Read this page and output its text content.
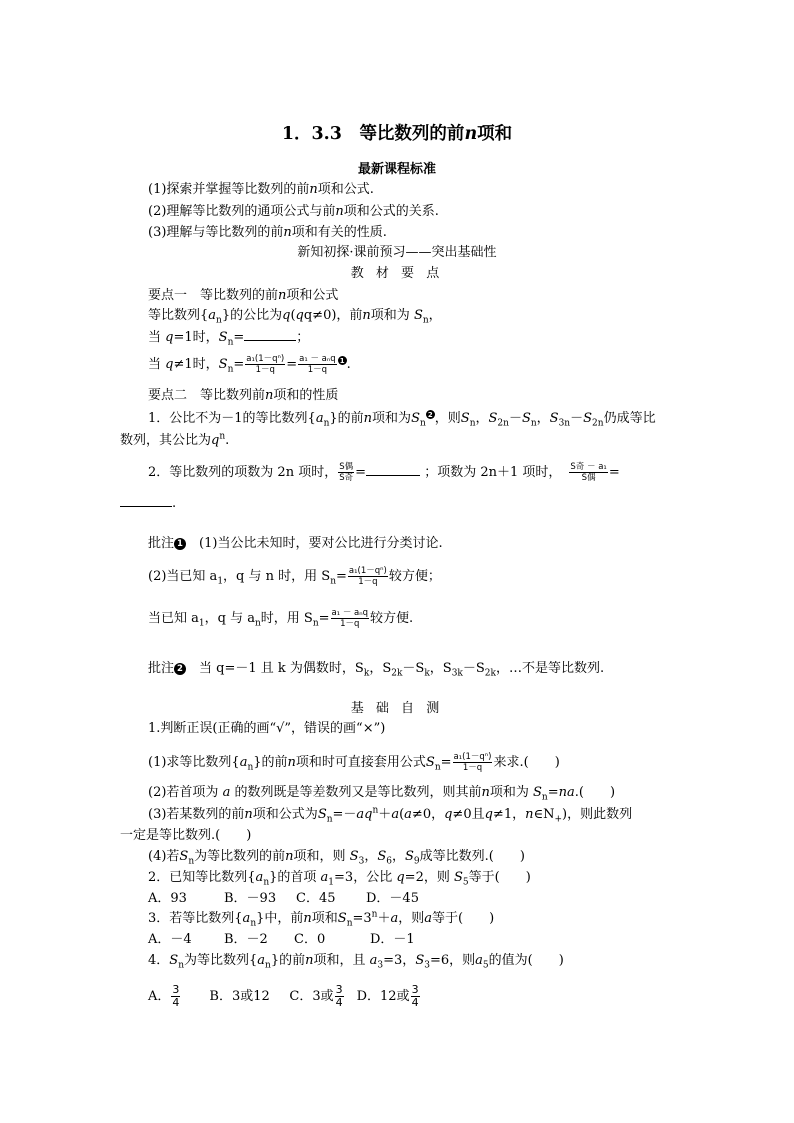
1．3.3　 等比数列的前n项和
最新课程标准
(1)探索并掌握等比数列的前n项和公式.
(2)理解等比数列的通项公式与前n项和公式的关系.
(3)理解与等比数列的前n项和有关的性质.
新知初探·课前预习——突出基础性
教 材 要 点
要点一　等比数列的前n项和公式
等比数列$\{a_n\}$的公比为q(qq≠0)，前n项和为 $S_n$，
当 q=1时，$S_n=$	；
当 q≠1时，$S_n= \frac{\text{a₁(1－qⁿ)}}{1-q} = \frac{\text{a₁ － aₙq}}{1-q} 1$ .
要点二　等比数列前n项和的性质
1．公比不为－1的等比数列$\{a_n\}$的前n项和为$S_n2$ ，则$S_n$，$S_{2n}-S_n$，$S_{3n}-S_{2n}$仍成等比
数列，其公比为$q^n$.
2．等比数列的项数为 2n 项时， $\frac{\text{S偶}}{\text{S奇}}$ =	；项数为 2n＋1 项时， $\frac{\text{S奇 － a₁}}{\text{S偶}}$ =
.
批注 1　 (1)当公比未知时，要对公比进行分类讨论.
(2)当已知 $a_1$，q 与 n 时，用 $S_n= \frac{\text{a₁(1－qⁿ)}}{1-q}$ 较方便；
当已知 $a_1$，q 与 $a_n$时，用 $S_n= \frac{\text{a₁ － aₙq}}{1-q}$ 较方便.
批注 2　 当 q=－1 且 k 为偶数时，$S_k$，$S_{2k}-S_k$，$S_{3k}-S_{2k}$，…不是等比数列.
基 础 自 测
1.判断正误(正确的画“√”，错误的画“×”)
(1)求等比数列$\{a_n\}$的前n项和时可直接套用公式$S_n= \frac{\text{a₁(1－qⁿ)}}{1-q}$ 来求.(　　)
(2)若首项为 a 的数列既是等差数列又是等比数列，则其前n项和为 $S_n=na$.(　　)
(3)若某数列的前n项和公式为$S_n=-aq^n+a(a\ne 0$，q≠0且q≠1，$n\in N_+$)，则此数列
一定是等比数列.(　　)
(4)若$S_n$为等比数列的前n项和，则 $S_3$，$S_6$，$S_9$成等比数列.(　　)
2．已知等比数列$\{a_n\}$的首项 $a_1=3$，公比 q=2，则 $S_5$等于(　　)
A．93	B．－93 C．45 D．－45
3．若等比数列$\{a_n\}$中，前n项和$S_n=3^n+a$，则a等于(　　)
A．－4 B．－2 C．0	D．－1
4．$S_n$为等比数列$\{a_n\}$的前n项和，且 $a_3=3$，$S_3=6$，则$a_5$的值为(　　)
A． $\frac{3}{4}$ B．3或12 C．3或 $\frac{3}{4}$ D．12或 $\frac{3}{4}$
